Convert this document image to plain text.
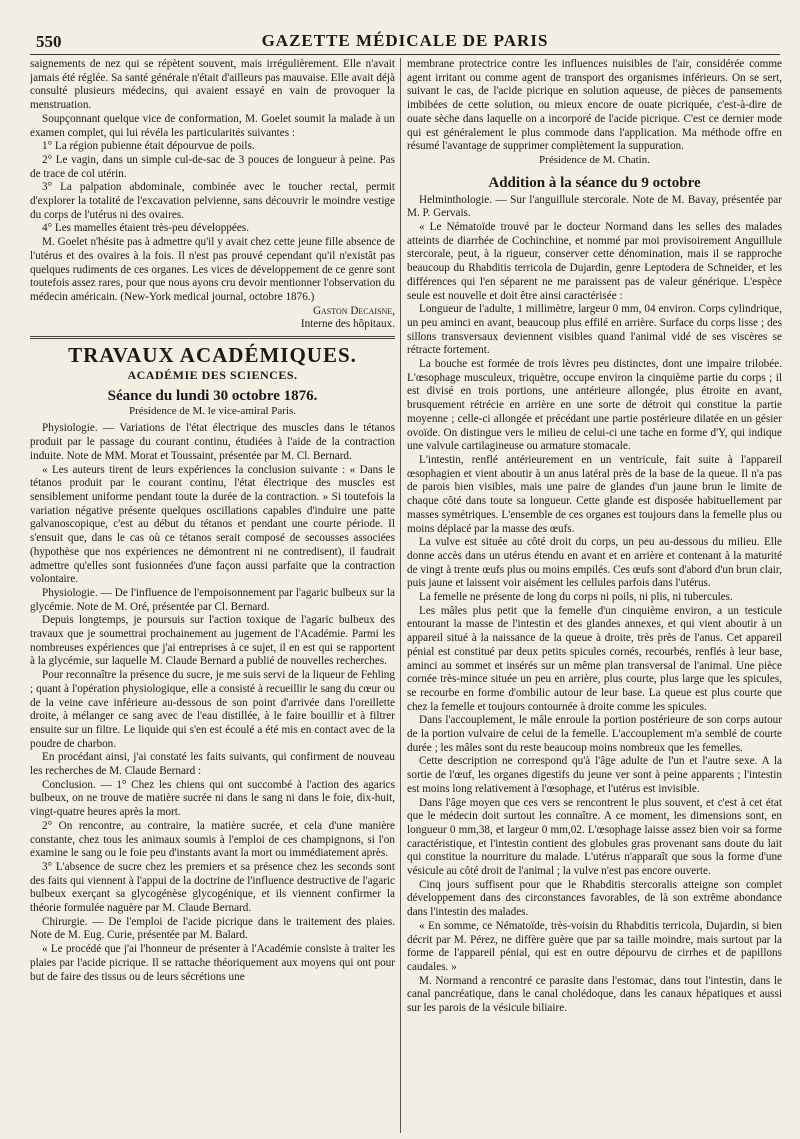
550	GAZETTE MÉDICALE DE PARIS

saignements de nez qui se répètent souvent, mais irrégulièrement. Elle n'avait jamais été réglée. Sa santé générale n'était d'ailleurs pas mauvaise. Elle avait déjà consulté plusieurs médecins, qui avaient essayé en vain de provoquer la menstruation.

Soupçonnant quelque vice de conformation, M. Goelet soumit la malade à un examen complet, qui lui révéla les particularités suivantes :

1° La région pubienne était dépourvue de poils.

2° Le vagin, dans un simple cul-de-sac de 3 pouces de longueur à peine. Pas de trace de col utérin.

3° La palpation abdominale, combinée avec le toucher rectal, permit d'explorer la totalité de l'excavation pelvienne, sans découvrir le moindre vestige du corps de l'utérus ni des ovaires.

4° Les mamelles étaient très-peu développées.

M. Goelet n'hésite pas à admettre qu'il y avait chez cette jeune fille absence de l'utérus et des ovaires à la fois. Il n'est pas prouvé cependant qu'il n'existât pas quelques rudiments de ces organes. Les vices de développement de ce genre sont toutefois assez rares, pour que nous ayons cru devoir mentionner l'observation du médecin américain. (New-York medical journal, octobre 1876.)

Gaston Decaisne,

Interne des hôpitaux.

TRAVAUX ACADÉMIQUES.
ACADÉMIE DES SCIENCES.
Séance du lundi 30 octobre 1876.
Présidence de M. le vice-amiral Paris.

Physiologie. — Variations de l'état électrique des muscles dans le tétanos produit par le passage du courant continu, étudiées à l'aide de la contraction induite. Note de MM. Morat et Toussaint, présentée par M. Cl. Bernard.

« Les auteurs tirent de leurs expériences la conclusion suivante : « Dans le tétanos produit par le courant continu, l'état électrique des muscles est sensiblement uniforme pendant toute la durée de la contraction. » Si toutefois la variation négative présente quelques oscillations capables d'induire une patte galvanoscopique, c'est au début du tétanos et pendant une courte période. Il s'ensuit que, dans le cas où ce tétanos serait composé de secousses associées (hypothèse que nos expériences ne démontrent ni ne contredisent), il faudrait admettre qu'elles sont fusionnées d'une façon aussi parfaite que la contraction volontaire.

Physiologie. — De l'influence de l'empoisonnement par l'agaric bulbeux sur la glycémie. Note de M. Oré, présentée par Cl. Bernard.

Depuis longtemps, je poursuis sur l'action toxique de l'agaric bulbeux des travaux que je soumettrai prochainement au jugement de l'Académie. Parmi les nombreuses expériences que j'ai entreprises à ce sujet, il en est qui se rapportent à la glycémie, sur laquelle M. Claude Bernard a publié de nouvelles recherches.

Pour reconnaître la présence du sucre, je me suis servi de la liqueur de Fehling ; quant à l'opération physiologique, elle a consisté à recueillir le sang du cœur ou de la veine cave inférieure au-dessous de son point d'arrivée dans l'oreillette droite, à mélanger ce sang avec de l'eau distillée, à le faire bouillir et à filtrer ensuite sur un filtre. Le liquide qui s'en est écoulé a été mis en contact avec de la poudre de charbon.

En procédant ainsi, j'ai constaté les faits suivants, qui confirment de nouveau les recherches de M. Claude Bernard :

Conclusion. — 1° Chez les chiens qui ont succombé à l'action des agarics bulbeux, on ne trouve de matière sucrée ni dans le sang ni dans le foie, dix-huit, vingt-quatre heures après la mort.

2° On rencontre, au contraire, la matière sucrée, et cela d'une manière constante, chez tous les animaux soumis à l'emploi de ces champignons, si l'on examine le sang ou le foie peu d'instants avant la mort ou immédiatement après.

3° L'absence de sucre chez les premiers et sa présence chez les seconds sont des faits qui viennent à l'appui de la doctrine de l'influence destructive de l'agaric bulbeux exerçant sa glycogénèse glycogénique, et ils viennent confirmer la théorie formulée naguère par M. Claude Bernard.

Chirurgie. — De l'emploi de l'acide picrique dans le traitement des plaies. Note de M. Eug. Curie, présentée par M. Balard.

« Le procédé que j'ai l'honneur de présenter à l'Académie consiste à traiter les plaies par l'acide picrique. Il se rattache théoriquement aux moyens qui ont pour but de faire des tissus ou de leurs sécrétions une

membrane protectrice contre les influences nuisibles de l'air, considérée comme agent irritant ou comme agent de transport des organismes inférieurs. On se sert, suivant le cas, de l'acide picrique en solution aqueuse, de pièces de pansements imbibées de cette solution, ou mieux encore de ouate picriquée, c'est-à-dire de ouate sèche dans laquelle on a incorporé de l'acide picrique. C'est ce dernier mode qui est généralement le plus commode dans l'application. Ma méthode offre en résumé l'avantage de supprimer complètement la suppuration.

Présidence de M. Chatin.
Addition à la séance du 9 octobre

Helminthologie. — Sur l'anguillule stercorale. Note de M. Bavay, présentée par M. P. Gervais.

« Le Nématoïde trouvé par le docteur Normand dans les selles des malades atteints de diarrhée de Cochinchine, et nommé par moi provisoirement Anguillule stercorale, peut, à la rigueur, conserver cette dénomination, mais il se rapproche beaucoup du Rhabditis terricola de Dujardin, genre Leptodera de Schneider, et les différences qui l'en séparent ne me paraissent pas de valeur générique. L'espèce seule est nouvelle et doit être ainsi caractérisée :

Longueur de l'adulte, 1 millimètre, largeur 0 mm, 04 environ. Corps cylindrique, un peu aminci en avant, beaucoup plus effilé en arrière. Surface du corps lisse ; des sillons transversaux deviennent visibles quand l'animal vidé de ses viscères se rétracte fortement.

La bouche est formée de trois lèvres peu distinctes, dont une impaire trilobée. L'œsophage musculeux, triquètre, occupe environ la cinquième partie du corps ; il est divisé en trois portions, une antérieure allongée, plus étroite en avant, brusquement rétrécie en arrière en une sorte de détroit qui constitue la partie moyenne ; celle-ci allongée et précédant une partie postérieure dilatée en un gésier ovoïde. On distingue vers le milieu de celui-ci une tache en forme d'Y, qui indique une valvule cartilagineuse ou armature stomacale.

L'intestin, renflé antérieurement en un ventricule, fait suite à l'appareil œsophagien et vient aboutir à un anus latéral près de la base de la queue. Il n'a pas de parois bien visibles, mais une paire de glandes d'un jaune brun le limite de chaque côté dans toute sa longueur. Cette glande est disposée habituellement par masses symétriques. L'ensemble de ces organes est toujours dans la femelle plus ou moins déplacé par la masse des œufs.

La vulve est située au côté droit du corps, un peu au-dessous du milieu. Elle donne accès dans un utérus étendu en avant et en arrière et contenant à la maturité de vingt à trente œufs plus ou moins empilés. Ces œufs sont d'abord d'un brun clair, puis jaune et laissent voir aisément les cellules parfois dans l'utérus.

La femelle ne présente de long du corps ni poils, ni plis, ni tubercules.

Les mâles plus petit que la femelle d'un cinquième environ, a un testicule entourant la masse de l'intestin et des glandes annexes, et qui vient aboutir à un appareil situé à la naissance de la queue à droite, très près de l'anus. Cet appareil pénial est constitué par deux petits spicules cornés, recourbés, renflés à leur base, aminci au sommet et insérés sur un même plan transversal de l'animal. Une pièce cornée très-mince située un peu en arrière, plus courte, plus large que les spicules, se recourbe en forme d'ombilic autour de leur base. La queue est plus courte que chez la femelle et toujours contournée à droite comme les spicules.

Dans l'accouplement, le mâle enroule la portion postérieure de son corps autour de la portion vulvaire de celui de la femelle. L'accouplement m'a semblé de courte durée ; les mâles sont du reste beaucoup moins nombreux que les femelles.

Cette description ne correspond qu'à l'âge adulte de l'un et l'autre sexe. A la sortie de l'œuf, les organes digestifs du jeune ver sont à peine apparents ; l'intestin est moins long relativement à l'œsophage, et l'utérus est invisible.

Dans l'âge moyen que ces vers se rencontrent le plus souvent, et c'est à cet état que le médecin doit surtout les connaître. A ce moment, les dimensions sont, en longueur 0 mm,38, et largeur 0 mm,02. L'œsophage laisse assez bien voir sa forme caractéristique, et l'intestin contient des globules gras provenant sans doute du lait qui constitue la nourriture du malade. L'utérus n'apparaît que sous la forme d'une vésicule au côté droit de l'animal ; la vulve n'est pas encore ouverte.

Cinq jours suffisent pour que le Rhabditis stercoralis atteigne son complet développement dans des circonstances favorables, de là son extrême abondance dans l'intestin des malades.

« En somme, ce Nématoïde, très-voisin du Rhabditis terricola, Dujardin, si bien décrit par M. Pérez, ne diffère guère que par sa taille moindre, mais surtout par la forme de l'appareil pénial, qui est en outre dépourvu de cirrhes et de papillons caudales. »

M. Normand a rencontré ce parasite dans l'estomac, dans tout l'intestin, dans le canal pancréatique, dans le canal cholédoque, dans les canaux hépatiques et aussi sur les parois de la vésicule biliaire.
